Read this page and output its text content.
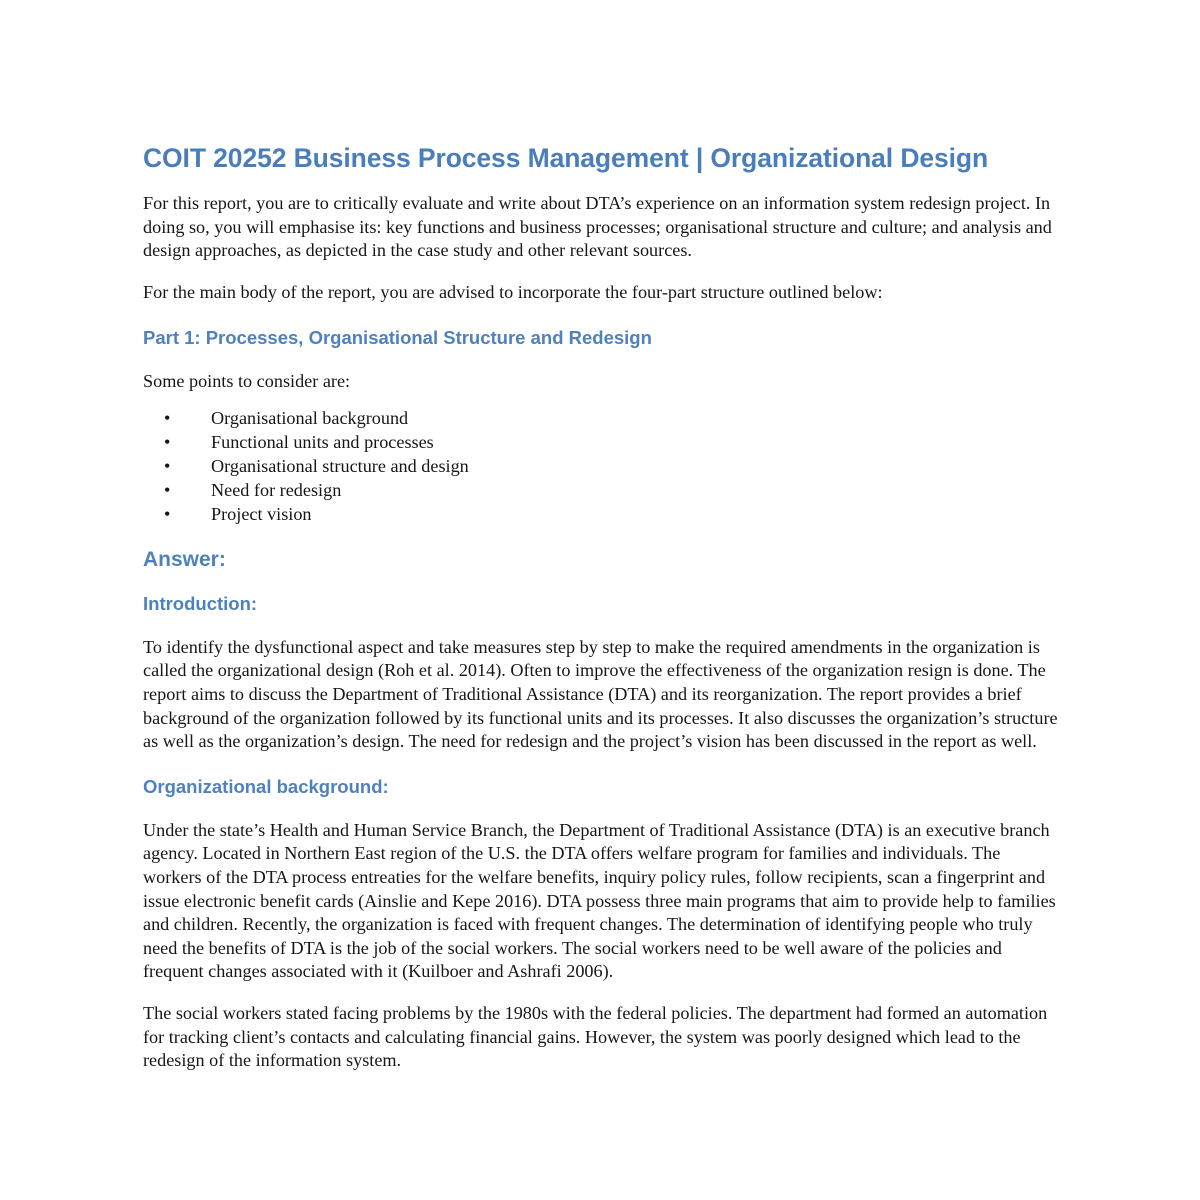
COIT 20252 Business Process Management | Organizational Design

For this report, you are to critically evaluate and write about DTA’s experience on an information system redesign project. In doing so, you will emphasise its: key functions and business processes; organisational structure and culture; and analysis and design approaches, as depicted in the case study and other relevant sources.

For the main body of the report, you are advised to incorporate the four-part structure outlined below:

Part 1: Processes, Organisational Structure and Redesign

Some points to consider are:

• Organisational background
• Functional units and processes
• Organisational structure and design
• Need for redesign
• Project vision
Answer:
Introduction:

To identify the dysfunctional aspect and take measures step by step to make the required amendments in the organization is called the organizational design (Roh et al. 2014). Often to improve the effectiveness of the organization resign is done. The report aims to discuss the Department of Traditional Assistance (DTA) and its reorganization. The report provides a brief background of the organization followed by its functional units and its processes. It also discusses the organization’s structure as well as the organization’s design. The need for redesign and the project’s vision has been discussed in the report as well.

Organizational background:

Under the state’s Health and Human Service Branch, the Department of Traditional Assistance (DTA) is an executive branch agency. Located in Northern East region of the U.S. the DTA offers welfare program for families and individuals. The workers of the DTA process entreaties for the welfare benefits, inquiry policy rules, follow recipients, scan a fingerprint and issue electronic benefit cards (Ainslie and Kepe 2016). DTA possess three main programs that aim to provide help to families and children. Recently, the organization is faced with frequent changes. The determination of identifying people who truly need the benefits of DTA is the job of the social workers. The social workers need to be well aware of the policies and frequent changes associated with it (Kuilboer and Ashrafi 2006).

The social workers stated facing problems by the 1980s with the federal policies. The department had formed an automation for tracking client’s contacts and calculating financial gains. However, the system was poorly designed which lead to the redesign of the information system.
